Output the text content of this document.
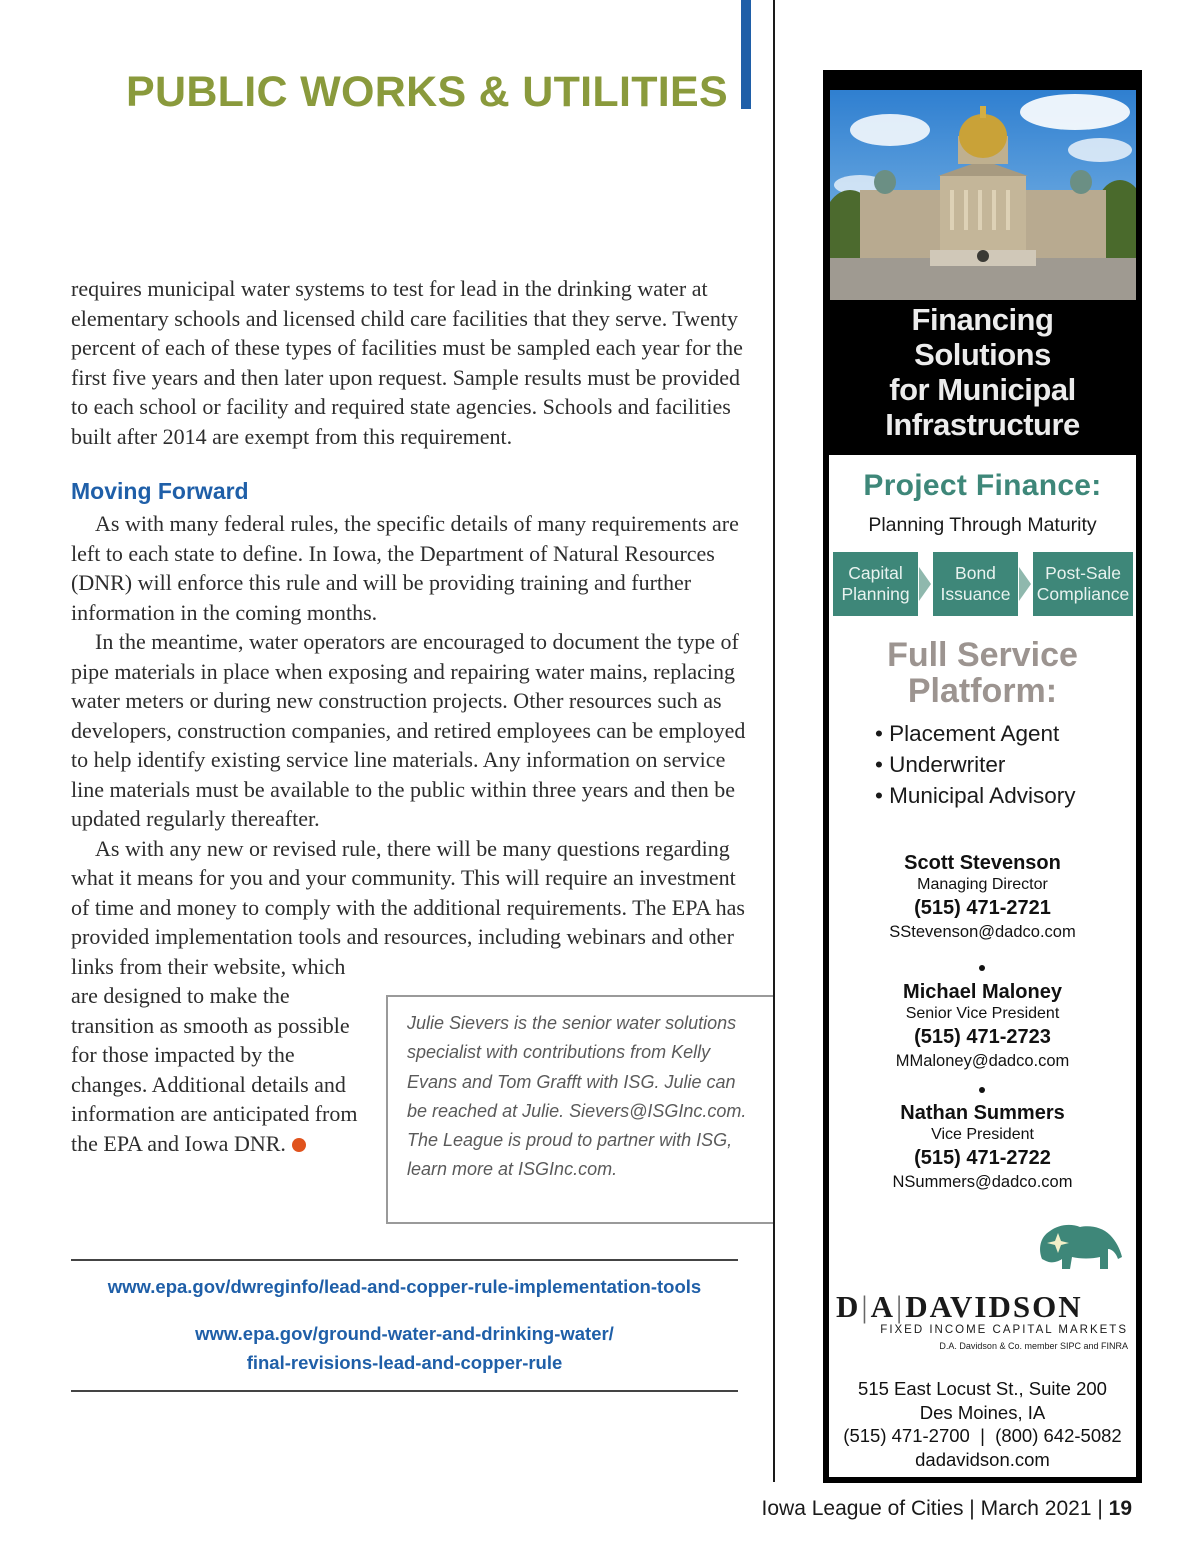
PUBLIC WORKS & UTILITIES

requires municipal water systems to test for lead in the drinking water at elementary schools and licensed child care facilities that they serve. Twenty percent of each of these types of facilities must be sampled each year for the first five years and then later upon request. Sample results must be provided to each school or facility and required state agencies. Schools and facilities built after 2014 are exempt from this requirement.

Moving Forward

As with many federal rules, the specific details of many requirements are left to each state to define. In Iowa, the Department of Natural Resources (DNR) will enforce this rule and will be providing training and further information in the coming months.

In the meantime, water operators are encouraged to document the type of pipe materials in place when exposing and repairing water mains, replacing water meters or during new construction projects. Other resources such as developers, construction companies, and retired employees can be employed to help identify existing service line materials. Any information on service line materials must be available to the public within three years and then be updated regularly thereafter.

As with any new or revised rule, there will be many questions regarding what it means for you and your community. This will require an investment of time and money to comply with the additional requirements. The EPA has provided implementation tools and resources, including webinars and other links from their website, which

are designed to make the transition as smooth as possible for those impacted by the changes. Additional details and information are anticipated from the EPA and Iowa DNR.

Julie Sievers is the senior water solutions specialist with contributions from Kelly Evans and Tom Grafft with ISG. Julie can be reached at Julie. Sievers@ISGInc.com. The League is proud to partner with ISG, learn more at ISGInc.com.

www.epa.gov/dwreginfo/lead-and-copper-rule-implementation-tools
www.epa.gov/ground-water-and-drinking-water/
final-revisions-lead-and-copper-rule

Iowa League of Cities | March 2021 | 19

Financing
Solutions
for Municipal
Infrastructure
Project Finance:
Planning Through Maturity
Capital
Planning
Bond
Issuance
Post-Sale
Compliance
Full Service
Platform:
• Placement Agent
• Underwriter
• Municipal Advisory
Scott Stevenson
Managing Director
(515) 471-2721
SStevenson@dadco.com
Michael Maloney
Senior Vice President
(515) 471-2723
MMaloney@dadco.com
Nathan Summers
Vice President
(515) 471-2722
NSummers@dadco.com
D|A|DAVIDSON
FIXED INCOME CAPITAL MARKETS
D.A. Davidson & Co. member SIPC and FINRA
515 East Locust St., Suite 200
Des Moines, IA
(515) 471-2700  |  (800) 642-5082
dadavidson.com
